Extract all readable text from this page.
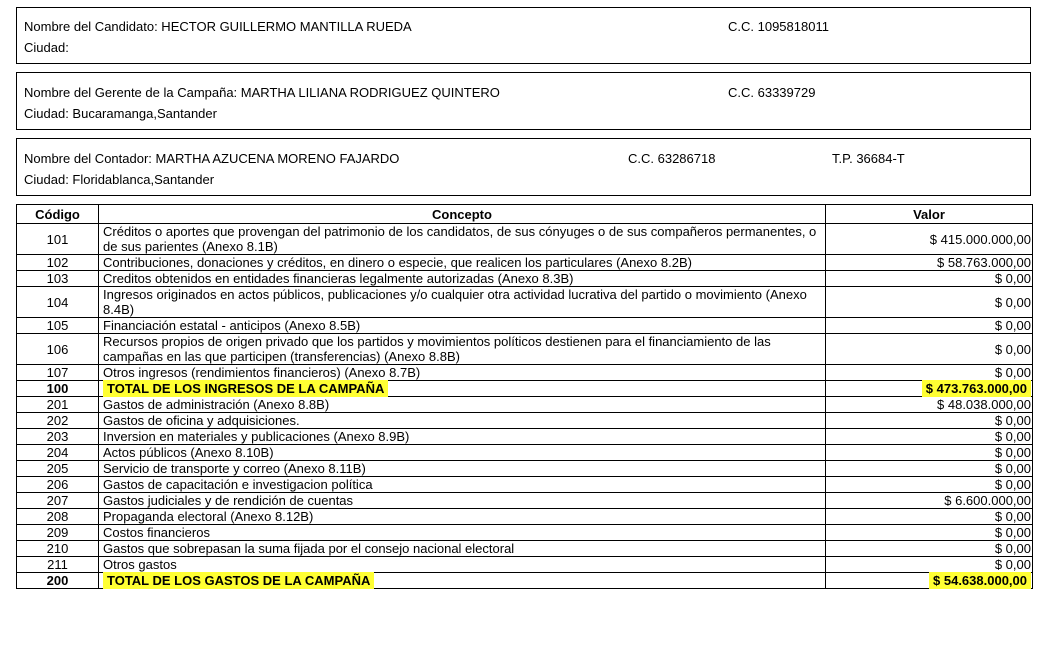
Nombre del Candidato: HECTOR GUILLERMO MANTILLA RUEDA	C.C. 1095818011
Ciudad:
Nombre del Gerente de la Campaña: MARTHA LILIANA RODRIGUEZ QUINTERO	C.C. 63339729
Ciudad: Bucaramanga,Santander
Nombre del Contador: MARTHA AZUCENA MORENO FAJARDO	C.C. 63286718	T.P. 36684-T
Ciudad: Floridablanca,Santander
Código	Concepto	Valor
101	Créditos o aportes que provengan del patrimonio de los candidatos, de sus cónyuges o de sus compañeros permanentes, o de sus parientes (Anexo 8.1B)	$ 415.000.000,00
102	Contribuciones, donaciones y créditos, en dinero o especie, que realicen los particulares (Anexo 8.2B)	$ 58.763.000,00
103	Creditos obtenidos en entidades financieras legalmente autorizadas (Anexo 8.3B)	$ 0,00
104	Ingresos originados en actos públicos, publicaciones y/o cualquier otra actividad lucrativa del partido o movimiento (Anexo 8.4B)	$ 0,00
105	Financiación estatal - anticipos (Anexo 8.5B)	$ 0,00
106	Recursos propios de origen privado que los partidos y movimientos políticos destienen para el financiamiento de las campañas en las que participen (transferencias) (Anexo 8.8B)	$ 0,00
107	Otros ingresos (rendimientos financieros) (Anexo 8.7B)	$ 0,00
100	TOTAL DE LOS INGRESOS DE LA CAMPAÑA	$ 473.763.000,00
201	Gastos de administración (Anexo 8.8B)	$ 48.038.000,00
202	Gastos de oficina y adquisiciones.	$ 0,00
203	Inversion en materiales y publicaciones (Anexo 8.9B)	$ 0,00
204	Actos públicos (Anexo 8.10B)	$ 0,00
205	Servicio de transporte y correo (Anexo 8.11B)	$ 0,00
206	Gastos de capacitación e investigacion política	$ 0,00
207	Gastos judiciales y de rendición de cuentas	$ 6.600.000,00
208	Propaganda electoral (Anexo 8.12B)	$ 0,00
209	Costos financieros	$ 0,00
210	Gastos que sobrepasan la suma fijada por el consejo nacional electoral	$ 0,00
211	Otros gastos	$ 0,00
200	TOTAL DE LOS GASTOS DE LA CAMPAÑA	$ 54.638.000,00
